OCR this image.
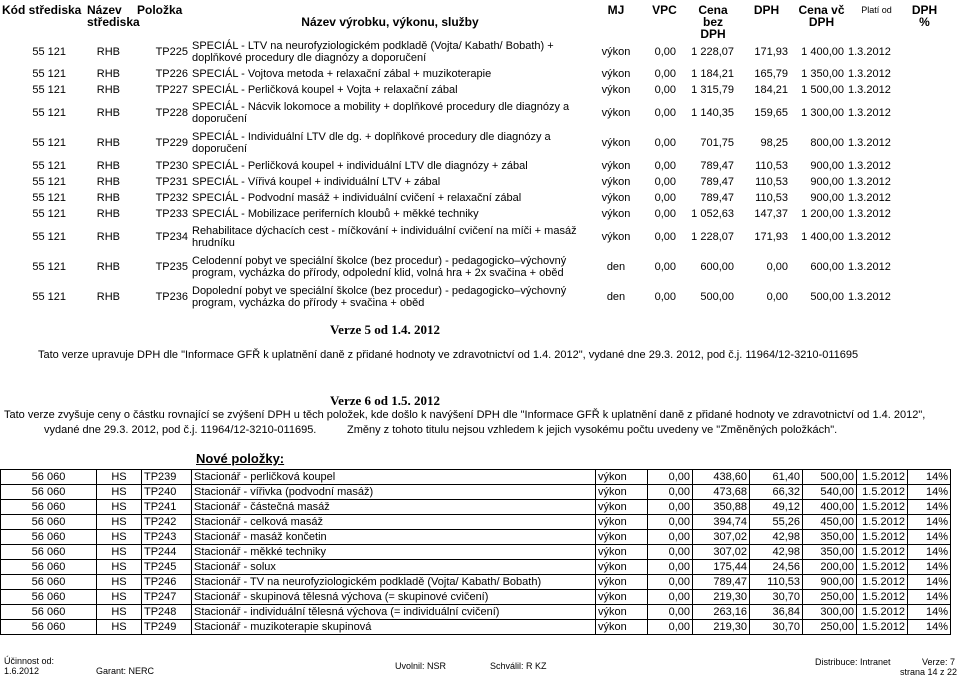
Kód střediska	Název střediska	Položka	Název výrobku, výkonu, služby	MJ	VPC	Cena bez DPH	DPH	Cena vč DPH	Platí od	DPH %
55 121	RHB	TP225	SPECIÁL - LTV na neurofyziologickém podkladě (Vojta/ Kabath/ Bobath) + doplňkové procedury dle diagnózy a doporučení	výkon	0,00	1 228,07	171,93	1 400,00	1.3.2012
55 121	RHB	TP226	SPECIÁL - Vojtova metoda + relaxační zábal + muzikoterapie	výkon	0,00	1 184,21	165,79	1 350,00	1.3.2012
55 121	RHB	TP227	SPECIÁL - Perličková koupel + Vojta + relaxační zábal	výkon	0,00	1 315,79	184,21	1 500,00	1.3.2012
55 121	RHB	TP228	SPECIÁL - Nácvik lokomoce a mobility + doplňkové procedury dle diagnózy a doporučení	výkon	0,00	1 140,35	159,65	1 300,00	1.3.2012
55 121	RHB	TP229	SPECIÁL - Individuální LTV dle dg. + doplňkové procedury dle diagnózy a doporučení	výkon	0,00	701,75	98,25	800,00	1.3.2012
55 121	RHB	TP230	SPECIÁL - Perličková koupel + individuální LTV dle diagnózy + zábal	výkon	0,00	789,47	110,53	900,00	1.3.2012
55 121	RHB	TP231	SPECIÁL - Vířivá koupel + individuální LTV + zábal	výkon	0,00	789,47	110,53	900,00	1.3.2012
55 121	RHB	TP232	SPECIÁL - Podvodní masáž + individuální cvičení + relaxační zábal	výkon	0,00	789,47	110,53	900,00	1.3.2012
55 121	RHB	TP233	SPECIÁL - Mobilizace periferních kloubů + měkké techniky	výkon	0,00	1 052,63	147,37	1 200,00	1.3.2012
55 121	RHB	TP234	Rehabilitace dýchacích cest - míčkování + individuální cvičení na míči + masáž hrudníku	výkon	0,00	1 228,07	171,93	1 400,00	1.3.2012
55 121	RHB	TP235	Celodenní pobyt ve speciální školce (bez procedur) - pedagogicko–výchovný program, vycházka do přírody, odpolední klid, volná hra + 2x svačina + oběd	den	0,00	600,00	0,00	600,00	1.3.2012
55 121	RHB	TP236	Dopolední pobyt ve speciální školce (bez procedur) - pedagogicko–výchovný program, vycházka do přírody + svačina + oběd	den	0,00	500,00	0,00	500,00	1.3.2012
Verze 5 od 1.4. 2012
Tato verze upravuje DPH dle "Informace GFŘ k uplatnění daně z přidané hodnoty ve zdravotnictví od 1.4. 2012", vydané dne 29.3. 2012, pod č.j. 11964/12-3210-011695
Verze 6 od 1.5. 2012
Tato verze zvyšuje ceny o částku rovnající se zvýšení DPH u těch položek, kde došlo k navýšení DPH dle "Informace GFŘ k uplatnění daně z přidané hodnoty ve zdravotnictví od 1.4. 2012",
vydané dne 29.3. 2012, pod č.j. 11964/12-3210-011695.	Změny z tohoto titulu nejsou vzhledem k jejich vysokému počtu uvedeny ve "Změněných položkách".
Nové položky:
56 060	HS	TP239	Stacionář - perličková koupel	výkon	0,00	438,60	61,40	500,00	1.5.2012	14%
56 060	HS	TP240	Stacionář - vířivka (podvodní masáž)	výkon	0,00	473,68	66,32	540,00	1.5.2012	14%
56 060	HS	TP241	Stacionář - částečná masáž	výkon	0,00	350,88	49,12	400,00	1.5.2012	14%
56 060	HS	TP242	Stacionář - celková masáž	výkon	0,00	394,74	55,26	450,00	1.5.2012	14%
56 060	HS	TP243	Stacionář - masáž končetin	výkon	0,00	307,02	42,98	350,00	1.5.2012	14%
56 060	HS	TP244	Stacionář - měkké techniky	výkon	0,00	307,02	42,98	350,00	1.5.2012	14%
56 060	HS	TP245	Stacionář - solux	výkon	0,00	175,44	24,56	200,00	1.5.2012	14%
56 060	HS	TP246	Stacionář - TV na neurofyziologickém podkladě (Vojta/ Kabath/ Bobath)	výkon	0,00	789,47	110,53	900,00	1.5.2012	14%
56 060	HS	TP247	Stacionář - skupinová tělesná výchova (= skupinové cvičení)	výkon	0,00	219,30	30,70	250,00	1.5.2012	14%
56 060	HS	TP248	Stacionář - individuální tělesná výchova (= individuální cvičení)	výkon	0,00	263,16	36,84	300,00	1.5.2012	14%
56 060	HS	TP249	Stacionář - muzikoterapie skupinová	výkon	0,00	219,30	30,70	250,00	1.5.2012	14%
Účinnost od:
1.6.2012	Garant: NERC	Uvolnil: NSR	Schválil: R KZ	Distribuce: Intranet	Verze: 7
strana 14 z 22
